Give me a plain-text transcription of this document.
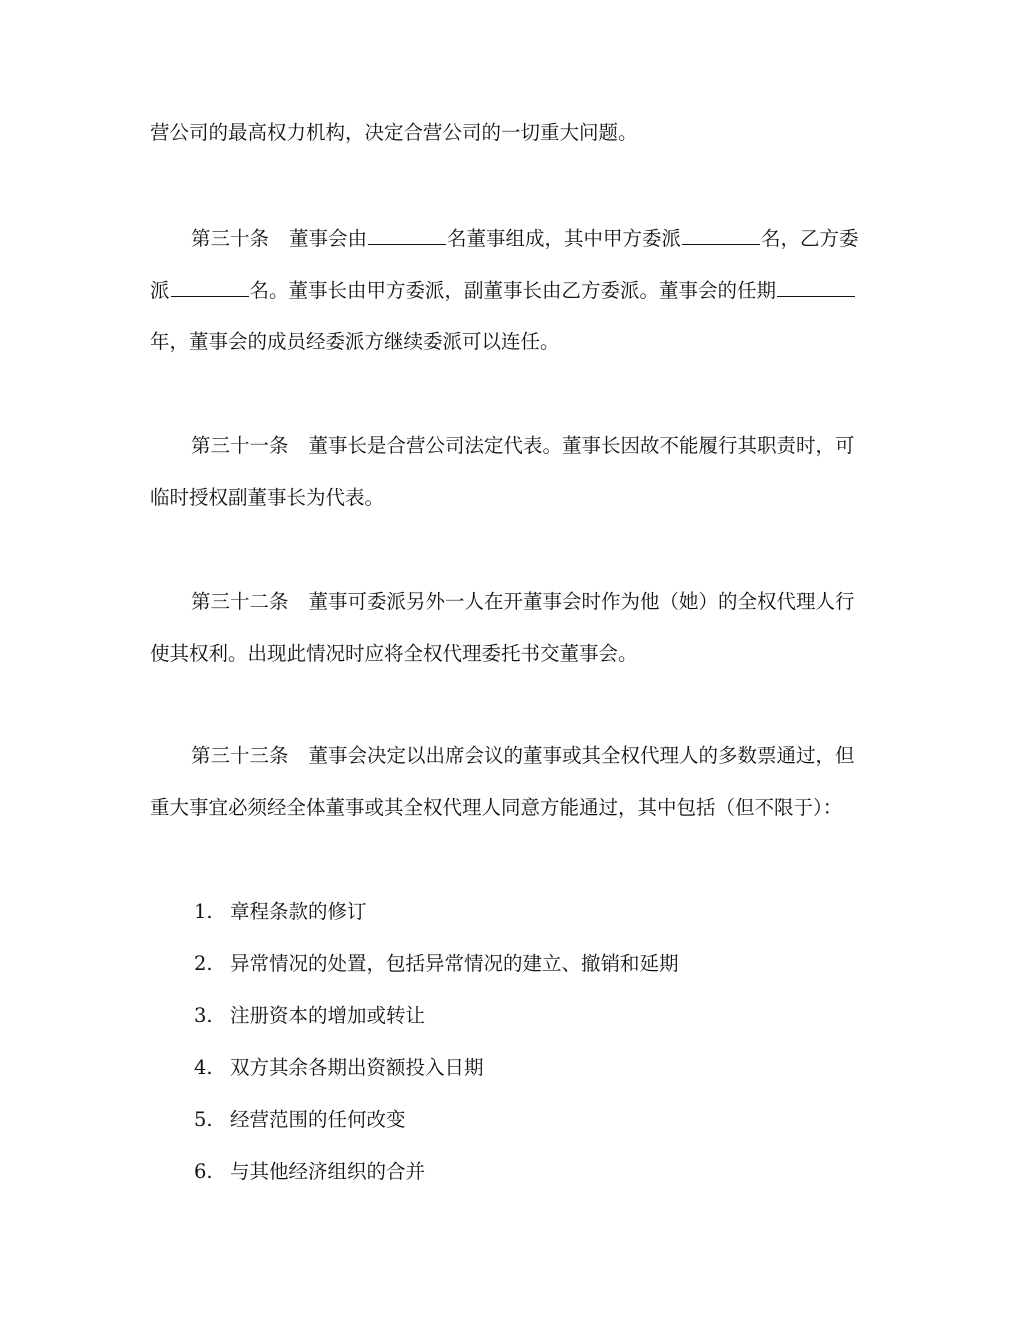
营公司的最高权力机构，决定合营公司的一切重大问题。
第三十条 董事会由	名董事组成，其中甲方委派	名，乙方委
派	名。董事长由甲方委派，副董事长由乙方委派。董事会的任期
年，董事会的成员经委派方继续委派可以连任。
第三十一条 董事长是合营公司法定代表。董事长因故不能履行其职责时，可
临时授权副董事长为代表。
第三十二条 董事可委派另外一人在开董事会时作为他（她）的全权代理人行
使其权利。出现此情况时应将全权代理委托书交董事会。
第三十三条 董事会决定以出席会议的董事或其全权代理人的多数票通过，但
重大事宜必须经全体董事或其全权代理人同意方能通过，其中包括（但不限于）：
1. 章程条款的修订
2. 异常情况的处置，包括异常情况的建立、撤销和延期
3. 注册资本的增加或转让
4. 双方其余各期出资额投入日期
5. 经营范围的任何改变
6. 与其他经济组织的合并
